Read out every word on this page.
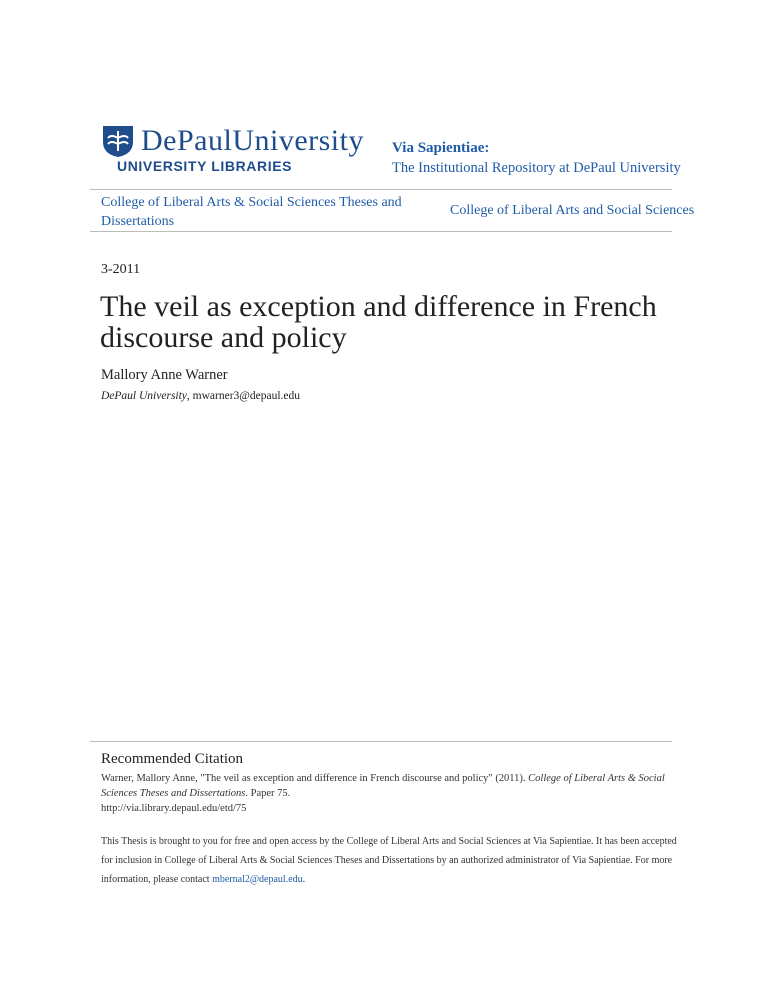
DePaulUniversity
UNIVERSITY LIBRARIES
Via Sapientiae:
The Institutional Repository at DePaul University
College of Liberal Arts & Social Sciences Theses and Dissertations
College of Liberal Arts and Social Sciences
3-2011
The veil as exception and difference in French discourse and policy
Mallory Anne Warner
DePaul University, mwarner3@depaul.edu
Recommended Citation
Warner, Mallory Anne, "The veil as exception and difference in French discourse and policy" (2011). College of Liberal Arts & Social Sciences Theses and Dissertations. Paper 75.
http://via.library.depaul.edu/etd/75
This Thesis is brought to you for free and open access by the College of Liberal Arts and Social Sciences at Via Sapientiae. It has been accepted for inclusion in College of Liberal Arts & Social Sciences Theses and Dissertations by an authorized administrator of Via Sapientiae. For more information, please contact mbernal2@depaul.edu.
